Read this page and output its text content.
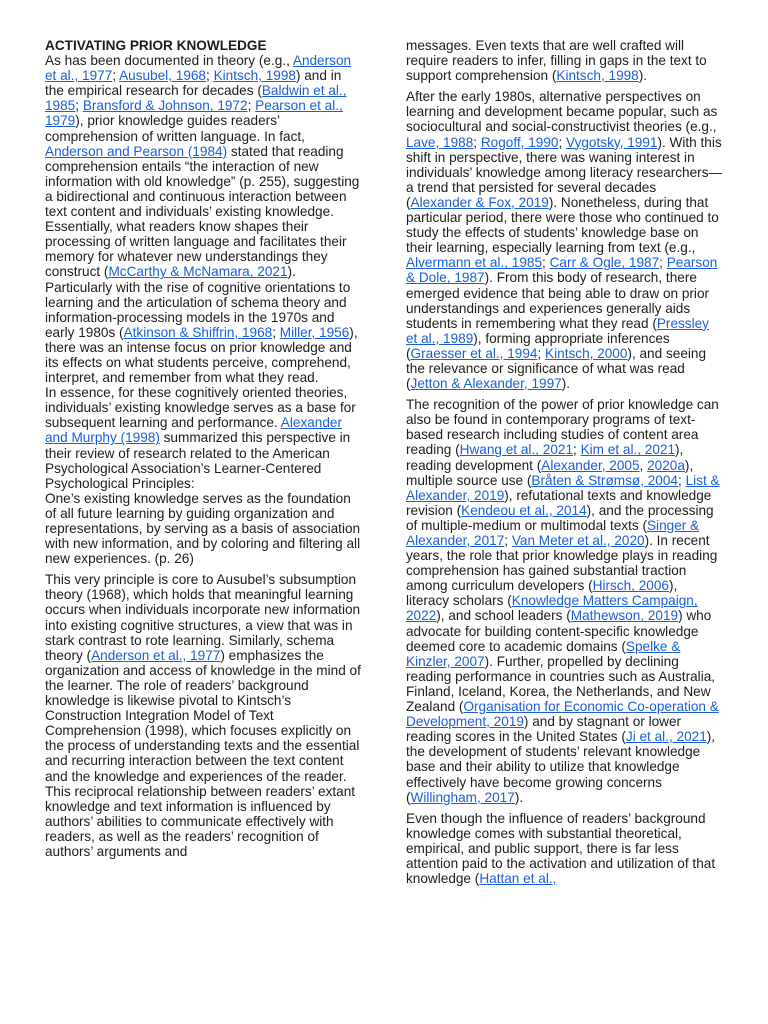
ACTIVATING PRIOR KNOWLEDGE

As has been documented in theory (e.g., Anderson et al., 1977; Ausubel, 1968; Kintsch, 1998) and in the empirical research for decades (Baldwin et al., 1985; Bransford & Johnson, 1972; Pearson et al., 1979), prior knowledge guides readers’ comprehension of written language. In fact, Anderson and Pearson (1984) stated that reading comprehension entails “the interaction of new information with old knowledge” (p. 255), suggesting a bidirectional and continuous interaction between text content and individuals’ existing knowledge. Essentially, what readers know shapes their processing of written language and facilitates their memory for whatever new understandings they construct (McCarthy & McNamara, 2021). Particularly with the rise of cognitive orientations to learning and the articulation of schema theory and information-processing models in the 1970s and early 1980s (Atkinson & Shiffrin, 1968; Miller, 1956), there was an intense focus on prior knowledge and its effects on what students perceive, comprehend, interpret, and remember from what they read.

In essence, for these cognitively oriented theories, individuals’ existing knowledge serves as a base for subsequent learning and performance. Alexander and Murphy (1998) summarized this perspective in their review of research related to the American Psychological Association’s Learner-Centered Psychological Principles:

One’s existing knowledge serves as the foundation of all future learning by guiding organization and representations, by serving as a basis of association with new information, and by coloring and filtering all new experiences. (p. 26)

This very principle is core to Ausubel’s subsumption theory (1968), which holds that meaningful learning occurs when individuals incorporate new information into existing cognitive structures, a view that was in stark contrast to rote learning. Similarly, schema theory (Anderson et al., 1977) emphasizes the organization and access of knowledge in the mind of the learner. The role of readers’ background knowledge is likewise pivotal to Kintsch’s Construction Integration Model of Text Comprehension (1998), which focuses explicitly on the process of understanding texts and the essential and recurring interaction between the text content and the knowledge and experiences of the reader. This reciprocal relationship between readers’ extant knowledge and text information is influenced by authors’ abilities to communicate effectively with readers, as well as the readers’ recognition of authors’ arguments and

messages. Even texts that are well crafted will require readers to infer, filling in gaps in the text to support comprehension (Kintsch, 1998).

After the early 1980s, alternative perspectives on learning and development became popular, such as sociocultural and social-constructivist theories (e.g., Lave, 1988; Rogoff, 1990; Vygotsky, 1991). With this shift in perspective, there was waning interest in individuals’ knowledge among literacy researchers—a trend that persisted for several decades (Alexander & Fox, 2019). Nonetheless, during that particular period, there were those who continued to study the effects of students’ knowledge base on their learning, especially learning from text (e.g., Alvermann et al., 1985; Carr & Ogle, 1987; Pearson & Dole, 1987). From this body of research, there emerged evidence that being able to draw on prior understandings and experiences generally aids students in remembering what they read (Pressley et al., 1989), forming appropriate inferences (Graesser et al., 1994; Kintsch, 2000), and seeing the relevance or significance of what was read (Jetton & Alexander, 1997).

The recognition of the power of prior knowledge can also be found in contemporary programs of text-based research including studies of content area reading (Hwang et al., 2021; Kim et al., 2021), reading development (Alexander, 2005, 2020a), multiple source use (Bråten & Strømsø, 2004; List & Alexander, 2019), refutational texts and knowledge revision (Kendeou et al., 2014), and the processing of multiple-medium or multimodal texts (Singer & Alexander, 2017; Van Meter et al., 2020). In recent years, the role that prior knowledge plays in reading comprehension has gained substantial traction among curriculum developers (Hirsch, 2006), literacy scholars (Knowledge Matters Campaign, 2022), and school leaders (Mathewson, 2019) who advocate for building content-specific knowledge deemed core to academic domains (Spelke & Kinzler, 2007). Further, propelled by declining reading performance in countries such as Australia, Finland, Iceland, Korea, the Netherlands, and New Zealand (Organisation for Economic Co-operation & Development, 2019) and by stagnant or lower reading scores in the United States (Ji et al., 2021), the development of students’ relevant knowledge base and their ability to utilize that knowledge effectively have become growing concerns (Willingham, 2017).

Even though the influence of readers’ background knowledge comes with substantial theoretical, empirical, and public support, there is far less attention paid to the activation and utilization of that knowledge (Hattan et al.,
